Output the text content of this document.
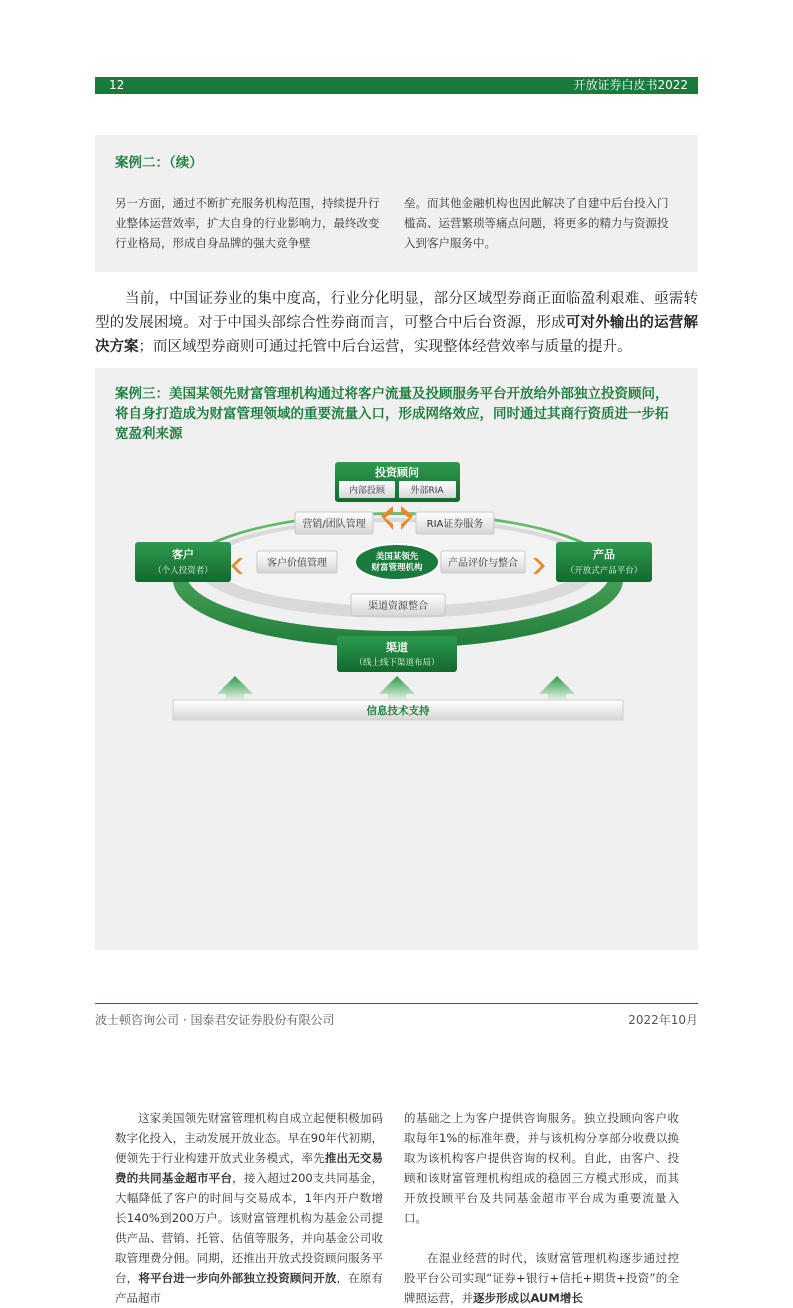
12	开放证券白皮书2022
案例二：（续）
另一方面，通过不断扩充服务机构范围，持续提升行业整体运营效率，扩大自身的行业影响力，最终改变行业格局，形成自身品牌的强大竞争壁
垒。而其他金融机构也因此解决了自建中后台投入门槛高、运营繁琐等痛点问题，将更多的精力与资源投入到客户服务中。
当前，中国证券业的集中度高，行业分化明显，部分区域型券商正面临盈利艰难、亟需转型的发展困境。对于中国头部综合性券商而言，可整合中后台资源，形成可对外输出的运营解决方案；而区域型券商则可通过托管中后台运营，实现整体经营效率与质量的提升。
案例三：美国某领先财富管理机构通过将客户流量及投顾服务平台开放给外部独立投资顾问，将自身打造成为财富管理领域的重要流量入口，形成网络效应，同时通过其商行资质进一步拓宽盈利来源
投资顾问
内部投顾	外部RIA
营销/团队管理	RIA证券服务
客户
（个人投资者）
产品
（开放式产品平台）
客户价值管理
美国某领先
财富管理机构	产品评价与整合
渠道资源整合
渠道
（线上线下渠道布局）
信息技术支持

这家美国领先财富管理机构自成立起便积极加码数字化投入，主动发展开放业态。早在90年代初期，便领先于行业构建开放式业务模式，率先推出无交易费的共同基金超市平台，接入超过200支共同基金，大幅降低了客户的时间与交易成本，1年内开户数增长140%到200万户。该财富管理机构为基金公司提供产品、营销、托管、估值等服务，并向基金公司收取管理费分佣。同期，还推出开放式投资顾问服务平台，将平台进一步向外部独立投资顾问开放，在原有产品超市

的基础之上为客户提供咨询服务。独立投顾向客户收取每年1%的标准年费，并与该机构分享部分收费以换取为该机构客户提供咨询的权利。自此，由客户、投顾和该财富管理机构组成的稳固三方模式形成，而其开放投顾平台及共同基金超市平台成为重要流量入口。

在混业经营的时代，该财富管理机构逐步通过控股平台公司实现“证券+银行+信托+期货+投资”的全牌照运营，并逐步形成以AUM增长

波士顿咨询公司 · 国泰君安证券股份有限公司	2022年10月
